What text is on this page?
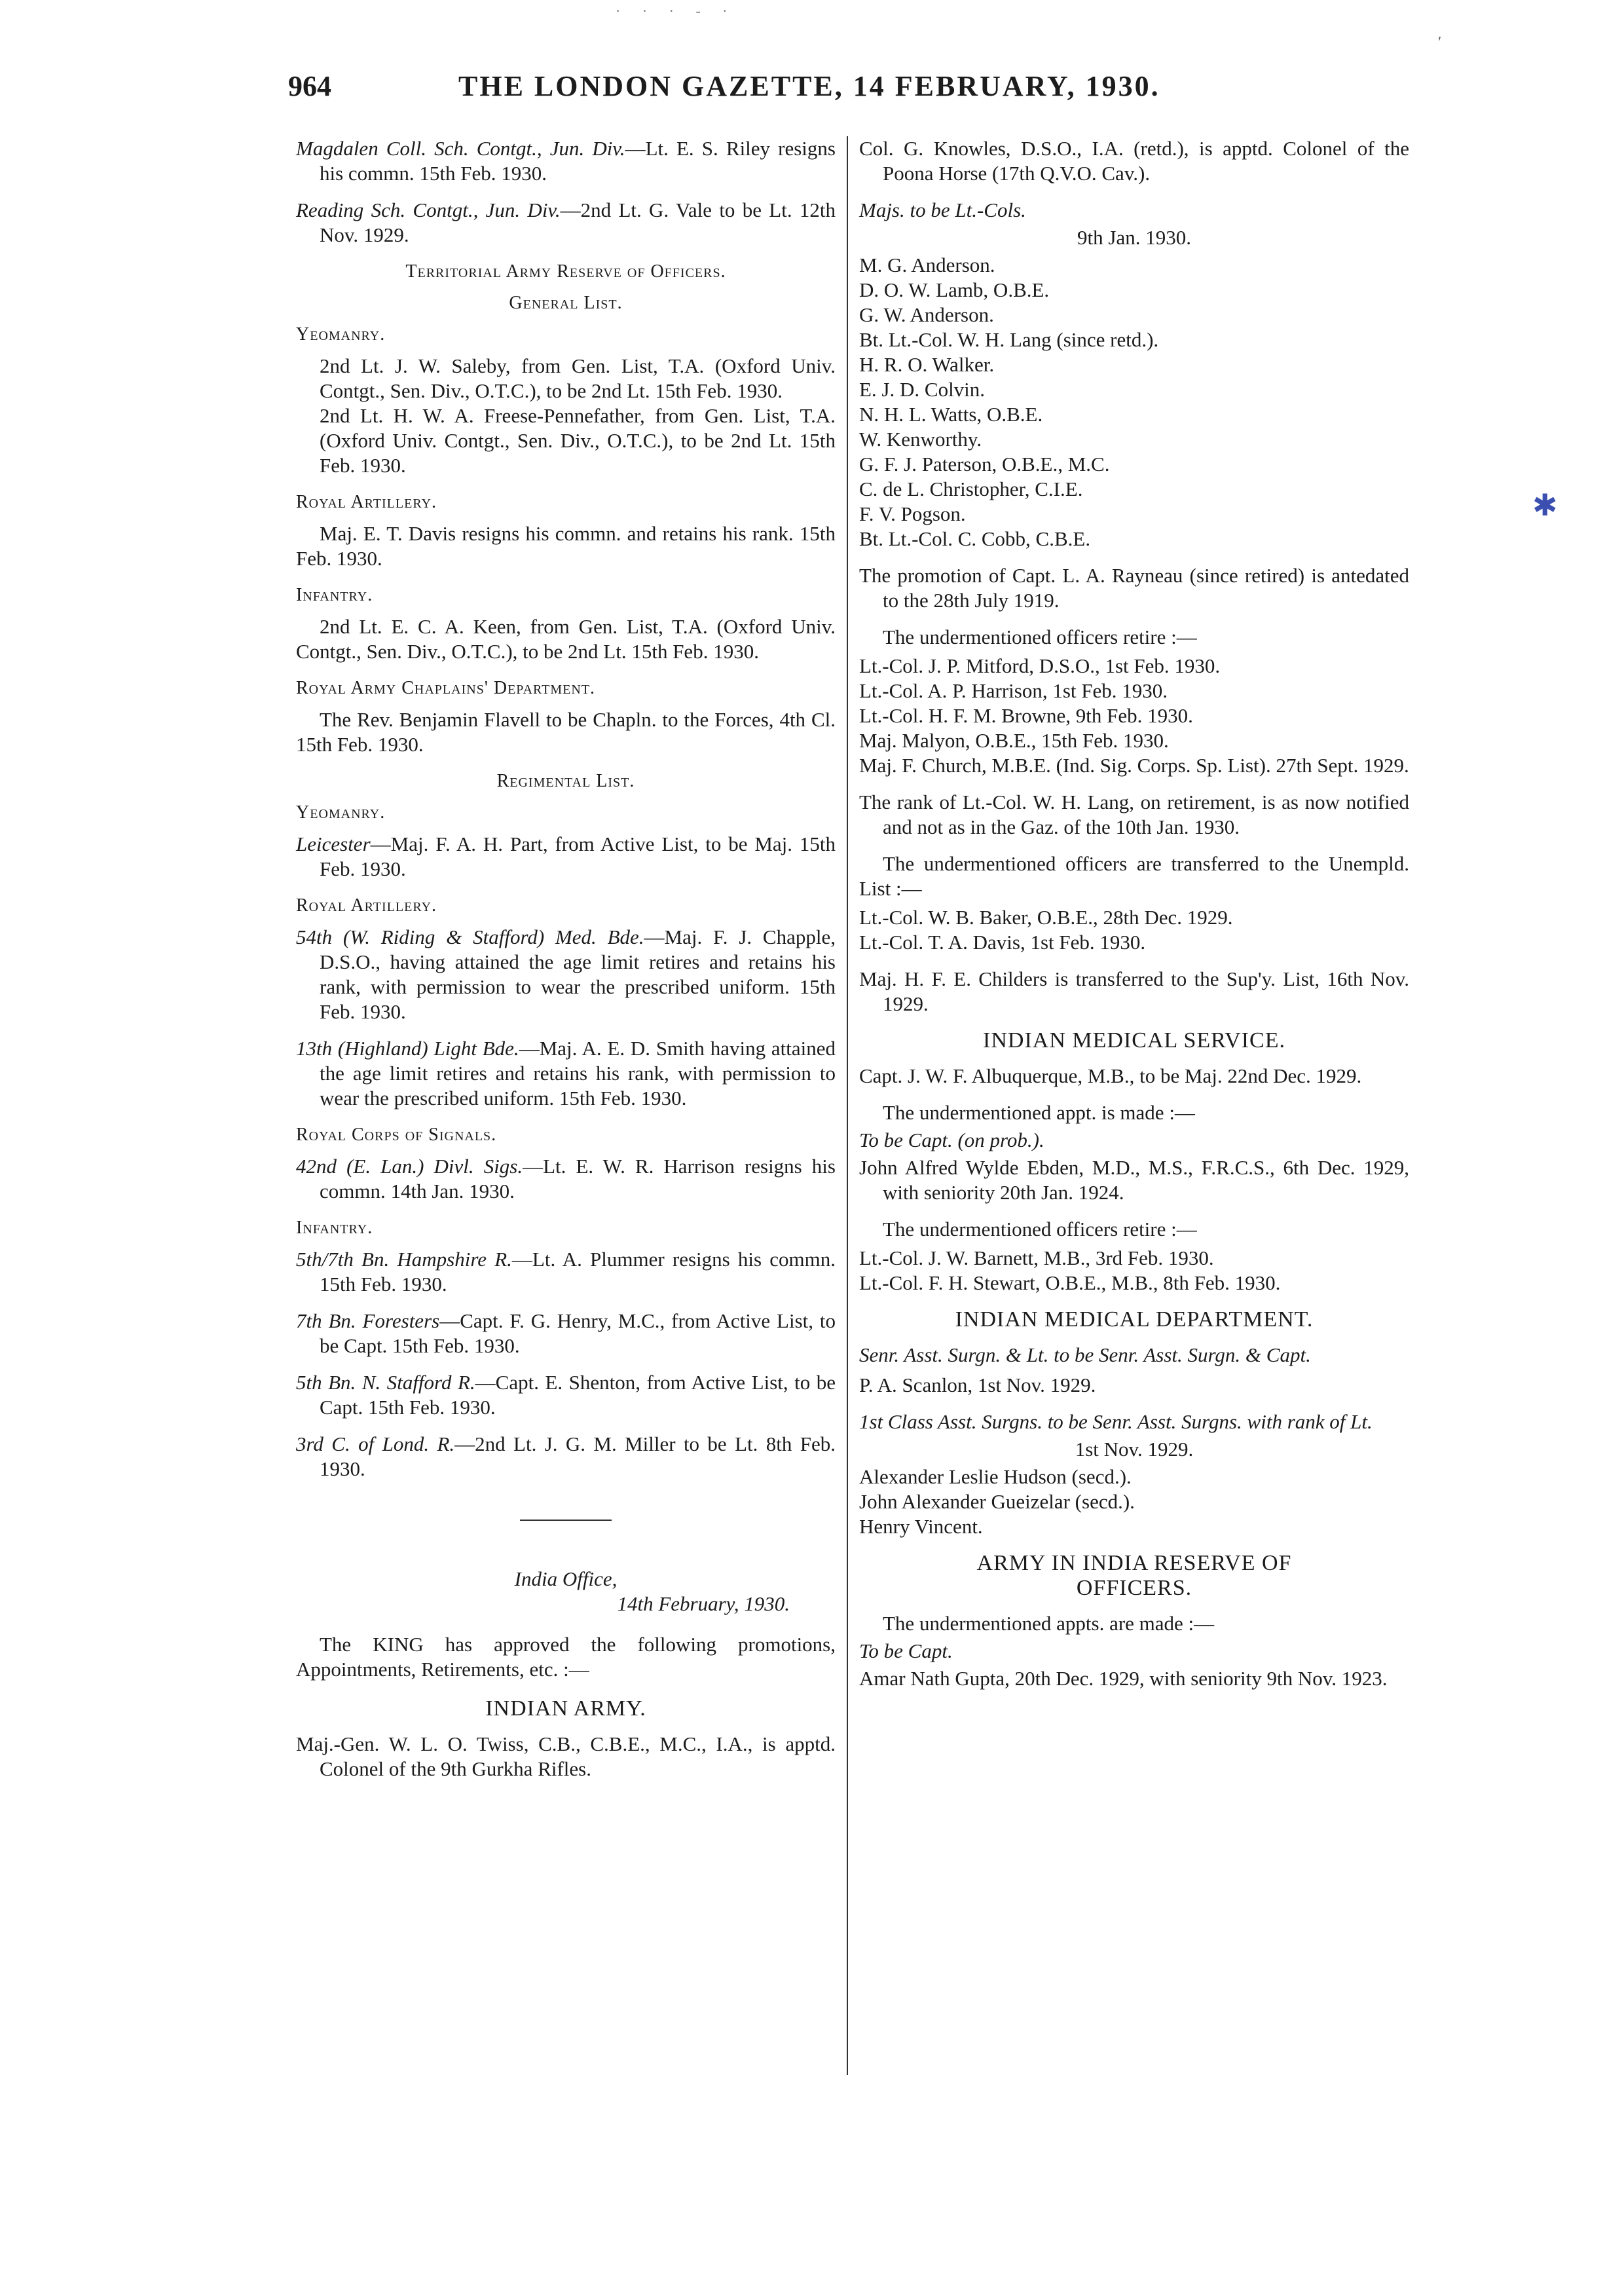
· · · - ·
′
964	THE LONDON GAZETTE, 14 FEBRUARY, 1930.

Magdalen Coll. Sch. Contgt., Jun. Div.—Lt. E. S. Riley resigns his commn. 15th Feb. 1930.

Reading Sch. Contgt., Jun. Div.—2nd Lt. G. Vale to be Lt. 12th Nov. 1929.

Territorial Army Reserve of Officers.

General List.

Yeomanry.

2nd Lt. J. W. Saleby, from Gen. List, T.A. (Oxford Univ. Contgt., Sen. Div., O.T.C.), to be 2nd Lt. 15th Feb. 1930.

2nd Lt. H. W. A. Freese-Pennefather, from Gen. List, T.A. (Oxford Univ. Contgt., Sen. Div., O.T.C.), to be 2nd Lt. 15th Feb. 1930.

Royal Artillery.

Maj. E. T. Davis resigns his commn. and retains his rank. 15th Feb. 1930.

Infantry.

2nd Lt. E. C. A. Keen, from Gen. List, T.A. (Oxford Univ. Contgt., Sen. Div., O.T.C.), to be 2nd Lt. 15th Feb. 1930.

Royal Army Chaplains' Department.

The Rev. Benjamin Flavell to be Chapln. to the Forces, 4th Cl. 15th Feb. 1930.

Regimental List.

Yeomanry.

Leicester—Maj. F. A. H. Part, from Active List, to be Maj. 15th Feb. 1930.

Royal Artillery.

54th (W. Riding & Stafford) Med. Bde.—Maj. F. J. Chapple, D.S.O., having attained the age limit retires and retains his rank, with permission to wear the prescribed uniform. 15th Feb. 1930.

13th (Highland) Light Bde.—Maj. A. E. D. Smith having attained the age limit retires and retains his rank, with permission to wear the prescribed uniform. 15th Feb. 1930.

Royal Corps of Signals.

42nd (E. Lan.) Divl. Sigs.—Lt. E. W. R. Harrison resigns his commn. 14th Jan. 1930.

Infantry.

5th/7th Bn. Hampshire R.—Lt. A. Plummer resigns his commn. 15th Feb. 1930.

7th Bn. Foresters—Capt. F. G. Henry, M.C., from Active List, to be Capt. 15th Feb. 1930.

5th Bn. N. Stafford R.—Capt. E. Shenton, from Active List, to be Capt. 15th Feb. 1930.

3rd C. of Lond. R.—2nd Lt. J. G. M. Miller to be Lt. 8th Feb. 1930.

India Office,

14th February, 1930.

The KING has approved the following promotions, Appointments, Retirements, etc. :—

INDIAN ARMY.

Maj.-Gen. W. L. O. Twiss, C.B., C.B.E., M.C., I.A., is apptd. Colonel of the 9th Gurkha Rifles.

Col. G. Knowles, D.S.O., I.A. (retd.), is apptd. Colonel of the Poona Horse (17th Q.V.O. Cav.).

Majs. to be Lt.-Cols.

9th Jan. 1930.

M. G. Anderson.

D. O. W. Lamb, O.B.E.

G. W. Anderson.

Bt. Lt.-Col. W. H. Lang (since retd.).

H. R. O. Walker.

E. J. D. Colvin.

N. H. L. Watts, O.B.E.

W. Kenworthy.

G. F. J. Paterson, O.B.E., M.C.

C. de L. Christopher, C.I.E.

F. V. Pogson.

Bt. Lt.-Col. C. Cobb, C.B.E.

The promotion of Capt. L. A. Rayneau (since retired) is antedated to the 28th July 1919.

The undermentioned officers retire :—

Lt.-Col. J. P. Mitford, D.S.O., 1st Feb. 1930.

Lt.-Col. A. P. Harrison, 1st Feb. 1930.

Lt.-Col. H. F. M. Browne, 9th Feb. 1930.

Maj. Malyon, O.B.E., 15th Feb. 1930.

Maj. F. Church, M.B.E. (Ind. Sig. Corps. Sp. List). 27th Sept. 1929.

The rank of Lt.-Col. W. H. Lang, on retirement, is as now notified and not as in the Gaz. of the 10th Jan. 1930.

The undermentioned officers are transferred to the Unempld. List :—

Lt.-Col. W. B. Baker, O.B.E., 28th Dec. 1929.

Lt.-Col. T. A. Davis, 1st Feb. 1930.

Maj. H. F. E. Childers is transferred to the Sup'y. List, 16th Nov. 1929.

INDIAN MEDICAL SERVICE.

Capt. J. W. F. Albuquerque, M.B., to be Maj. 22nd Dec. 1929.

The undermentioned appt. is made :—

To be Capt. (on prob.).

John Alfred Wylde Ebden, M.D., M.S., F.R.C.S., 6th Dec. 1929, with seniority 20th Jan. 1924.

The undermentioned officers retire :—

Lt.-Col. J. W. Barnett, M.B., 3rd Feb. 1930.

Lt.-Col. F. H. Stewart, O.B.E., M.B., 8th Feb. 1930.

INDIAN MEDICAL DEPARTMENT.

Senr. Asst. Surgn. & Lt. to be Senr. Asst. Surgn. & Capt.

P. A. Scanlon, 1st Nov. 1929.

1st Class Asst. Surgns. to be Senr. Asst. Surgns. with rank of Lt.

1st Nov. 1929.

Alexander Leslie Hudson (secd.).

John Alexander Gueizelar (secd.).

Henry Vincent.

ARMY IN INDIA RESERVE OF OFFICERS.

The undermentioned appts. are made :—

To be Capt.

Amar Nath Gupta, 20th Dec. 1929, with seniority 9th Nov. 1923.

✱
